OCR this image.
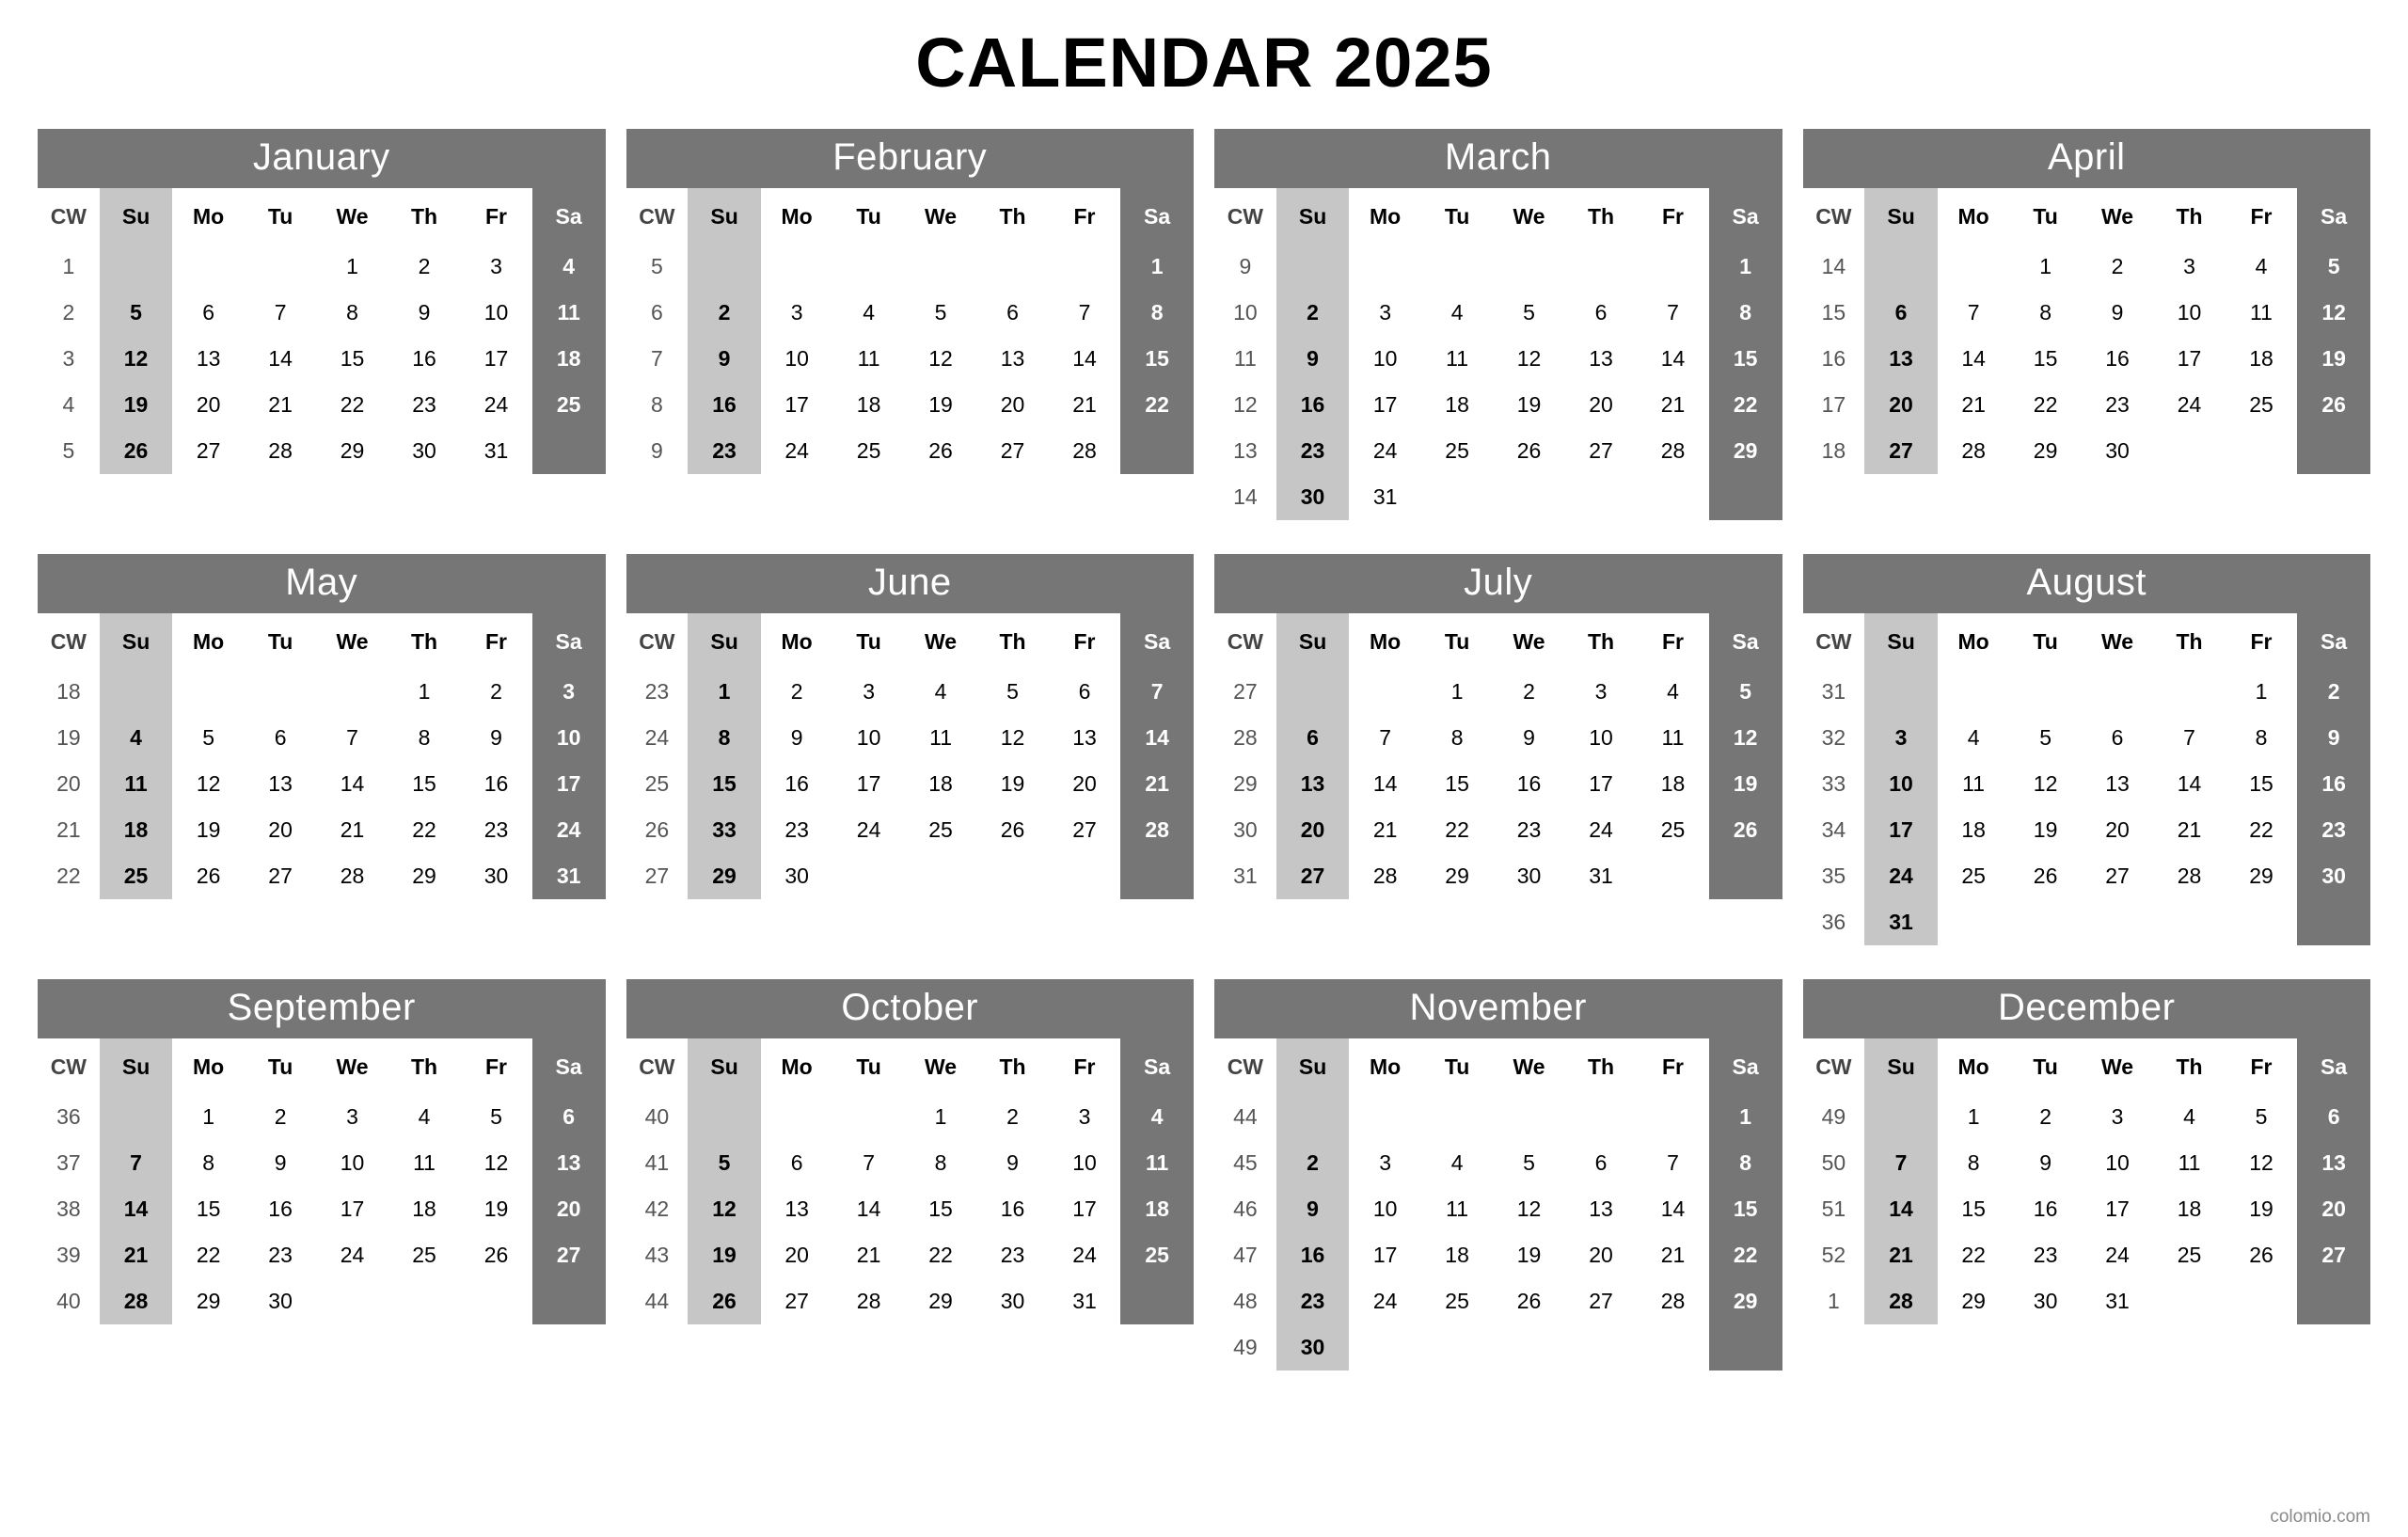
CALENDAR 2025
January
CW	Su	Mo	Tu	We	Th	Fr	Sa
1				1	2	3	4
2	5	6	7	8	9	10	11
3	12	13	14	15	16	17	18
4	19	20	21	22	23	24	25
5	26	27	28	29	30	31	
February
CW	Su	Mo	Tu	We	Th	Fr	Sa
5							1
6	2	3	4	5	6	7	8
7	9	10	11	12	13	14	15
8	16	17	18	19	20	21	22
9	23	24	25	26	27	28	
March
CW	Su	Mo	Tu	We	Th	Fr	Sa
9							1
10	2	3	4	5	6	7	8
11	9	10	11	12	13	14	15
12	16	17	18	19	20	21	22
13	23	24	25	26	27	28	29
14	30	31					
April
CW	Su	Mo	Tu	We	Th	Fr	Sa
14			1	2	3	4	5
15	6	7	8	9	10	11	12
16	13	14	15	16	17	18	19
17	20	21	22	23	24	25	26
18	27	28	29	30			
May
CW	Su	Mo	Tu	We	Th	Fr	Sa
18					1	2	3
19	4	5	6	7	8	9	10
20	11	12	13	14	15	16	17
21	18	19	20	21	22	23	24
22	25	26	27	28	29	30	31
June
CW	Su	Mo	Tu	We	Th	Fr	Sa
23	1	2	3	4	5	6	7
24	8	9	10	11	12	13	14
25	15	16	17	18	19	20	21
26	33	23	24	25	26	27	28
27	29	30					
July
CW	Su	Mo	Tu	We	Th	Fr	Sa
27			1	2	3	4	5
28	6	7	8	9	10	11	12
29	13	14	15	16	17	18	19
30	20	21	22	23	24	25	26
31	27	28	29	30	31		
August
CW	Su	Mo	Tu	We	Th	Fr	Sa
31						1	2
32	3	4	5	6	7	8	9
33	10	11	12	13	14	15	16
34	17	18	19	20	21	22	23
35	24	25	26	27	28	29	30
36	31						
September
CW	Su	Mo	Tu	We	Th	Fr	Sa
36		1	2	3	4	5	6
37	7	8	9	10	11	12	13
38	14	15	16	17	18	19	20
39	21	22	23	24	25	26	27
40	28	29	30				
October
CW	Su	Mo	Tu	We	Th	Fr	Sa
40				1	2	3	4
41	5	6	7	8	9	10	11
42	12	13	14	15	16	17	18
43	19	20	21	22	23	24	25
44	26	27	28	29	30	31	
November
CW	Su	Mo	Tu	We	Th	Fr	Sa
44							1
45	2	3	4	5	6	7	8
46	9	10	11	12	13	14	15
47	16	17	18	19	20	21	22
48	23	24	25	26	27	28	29
49	30						
December
CW	Su	Mo	Tu	We	Th	Fr	Sa
49		1	2	3	4	5	6
50	7	8	9	10	11	12	13
51	14	15	16	17	18	19	20
52	21	22	23	24	25	26	27
1	28	29	30	31			
colomio.com
